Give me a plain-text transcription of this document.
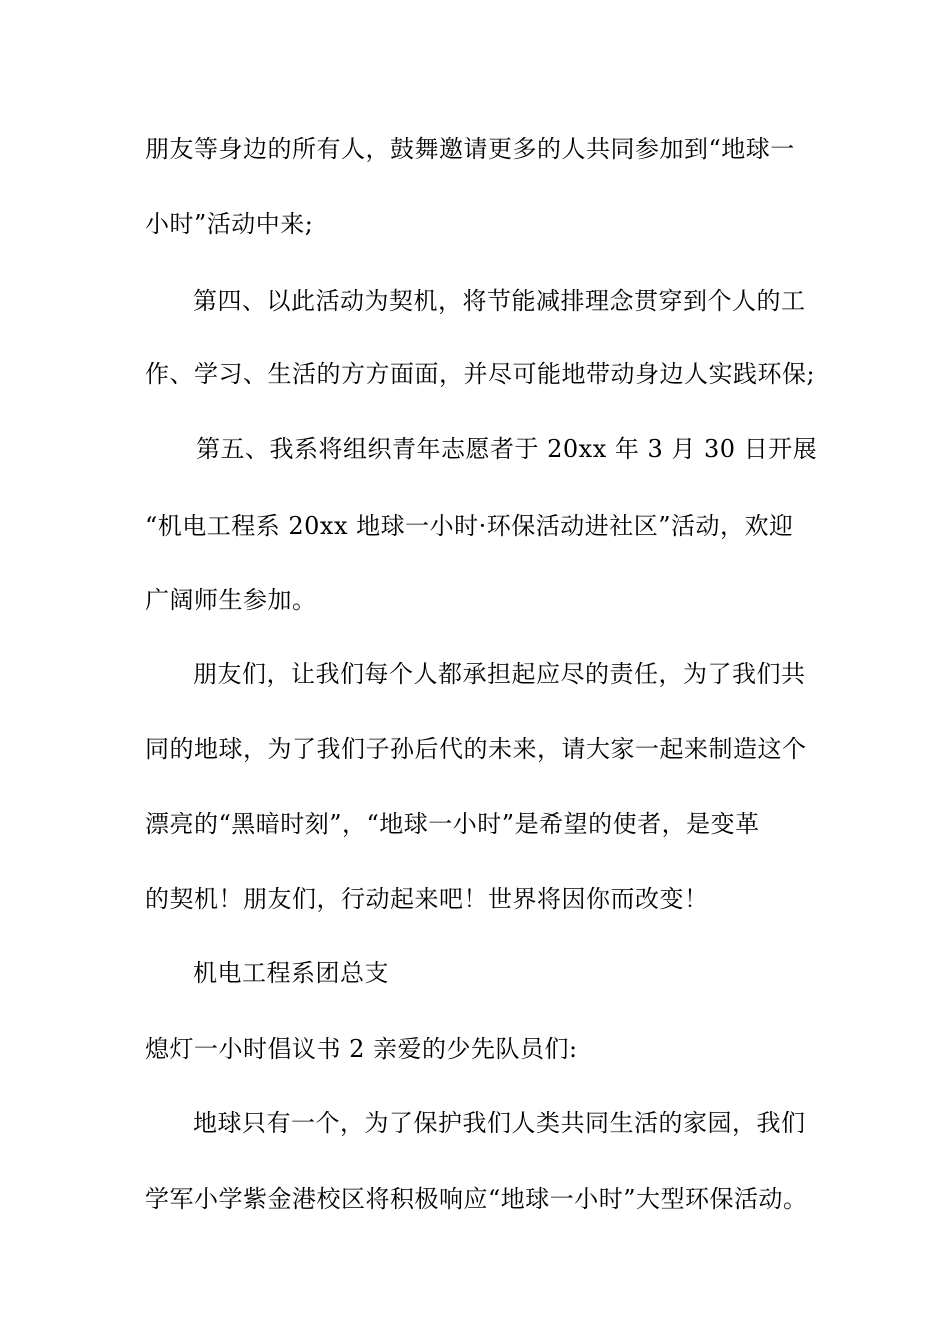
朋友等身边的所有人，鼓舞邀请更多的人共同参加到“地球一
小时”活动中来;
第四、以此活动为契机，将节能减排理念贯穿到个人的工
作、学习、生活的方方面面，并尽可能地带动身边人实践环保;
第五、我系将组织青年志愿者于 20xx 年 3 月 30 日开展
“机电工程系 20xx 地球一小时·环保活动进社区”活动，欢迎
广阔师生参加。
朋友们，让我们每个人都承担起应尽的责任，为了我们共
同的地球，为了我们子孙后代的未来，请大家一起来制造这个
漂亮的“黑暗时刻”，“地球一小时”是希望的使者，是变革
的契机！朋友们，行动起来吧！世界将因你而改变！
机电工程系团总支
熄灯一小时倡议书 2 亲爱的少先队员们:
地球只有一个，为了保护我们人类共同生活的家园，我们
学军小学紫金港校区将积极响应“地球一小时”大型环保活动。
